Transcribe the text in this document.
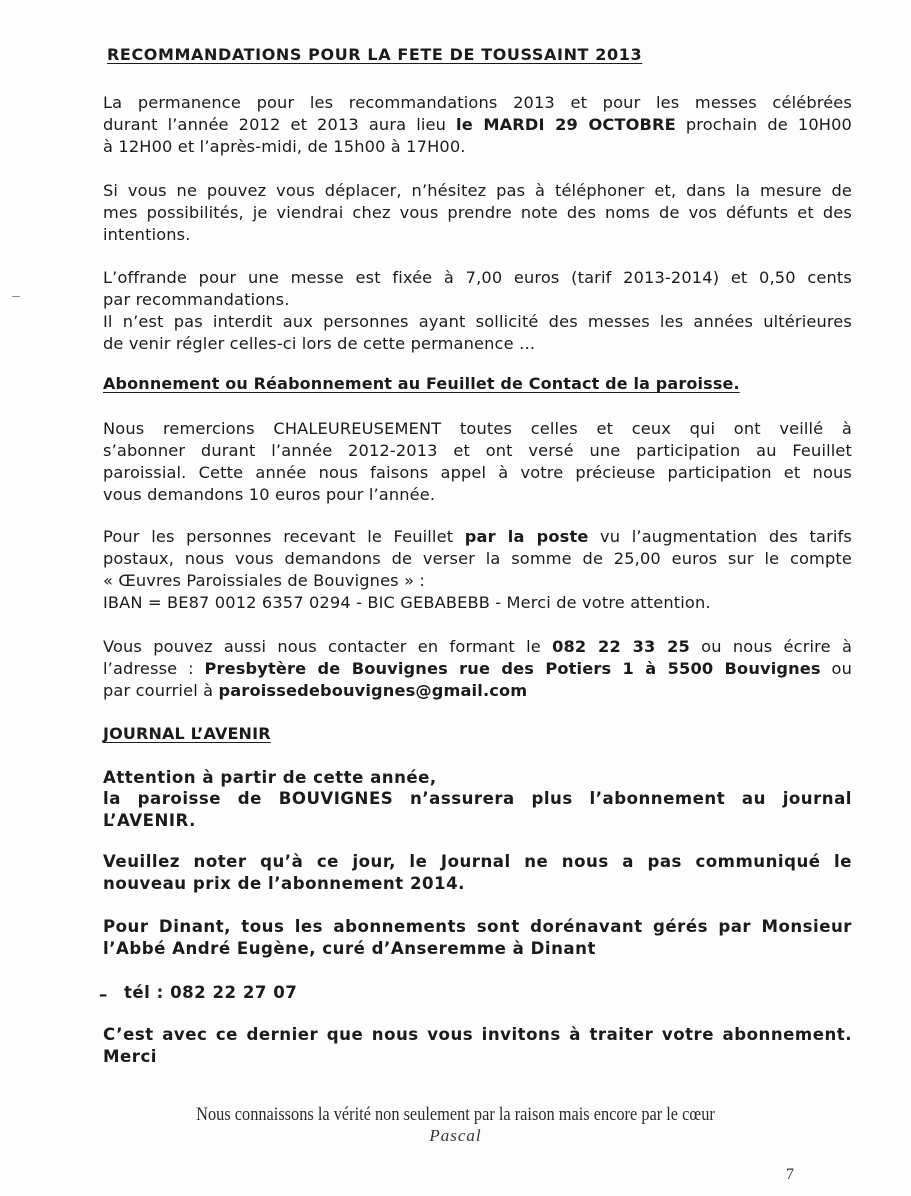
RECOMMANDATIONS POUR LA FETE DE TOUSSAINT 2013
La permanence pour les recommandations 2013 et pour les messes célébrées
durant l’année 2012 et 2013 aura lieu le MARDI 29 OCTOBRE prochain de 10H00
à 12H00 et l’après-midi, de 15h00 à 17H00.
Si vous ne pouvez vous déplacer, n’hésitez pas à téléphoner et, dans la mesure de
mes possibilités, je viendrai chez vous prendre note des noms de vos défunts et des
intentions.
L’offrande pour une messe est fixée à 7,00 euros (tarif 2013-2014) et 0,50 cents
par recommandations.
Il n’est pas interdit aux personnes ayant sollicité des messes les années ultérieures
de venir régler celles-ci lors de cette permanence …
Abonnement ou Réabonnement au Feuillet de Contact de la paroisse.
Nous remercions CHALEUREUSEMENT toutes celles et ceux qui ont veillé à
s’abonner durant l’année 2012-2013 et ont versé une participation au Feuillet
paroissial. Cette année nous faisons appel à votre précieuse participation et nous
vous demandons 10 euros pour l’année.
Pour les personnes recevant le Feuillet par la poste vu l’augmentation des tarifs
postaux, nous vous demandons de verser la somme de 25,00 euros sur le compte
« Œuvres Paroissiales de Bouvignes » :
IBAN = BE87 0012 6357 0294 - BIC GEBABEBB - Merci de votre attention.
Vous pouvez aussi nous contacter en formant le 082 22 33 25 ou nous écrire à
l’adresse : Presbytère de Bouvignes rue des Potiers 1 à 5500 Bouvignes ou
par courriel à paroissedebouvignes@gmail.com
JOURNAL L’AVENIR
Attention à partir de cette année,
la paroisse de BOUVIGNES n’assurera plus l’abonnement au journal
L’AVENIR.
Veuillez noter qu’à ce jour, le Journal ne nous a pas communiqué le
nouveau prix de l’abonnement 2014.
Pour Dinant, tous les abonnements sont dorénavant gérés par Monsieur
l’Abbé André Eugène, curé d’Anseremme à Dinant
– tél : 082 22 27 07
C’est avec ce dernier que nous vous invitons à traiter votre abonnement.
Merci
Nous connaissons la vérité non seulement par la raison mais encore par le cœur
Pascal
7
